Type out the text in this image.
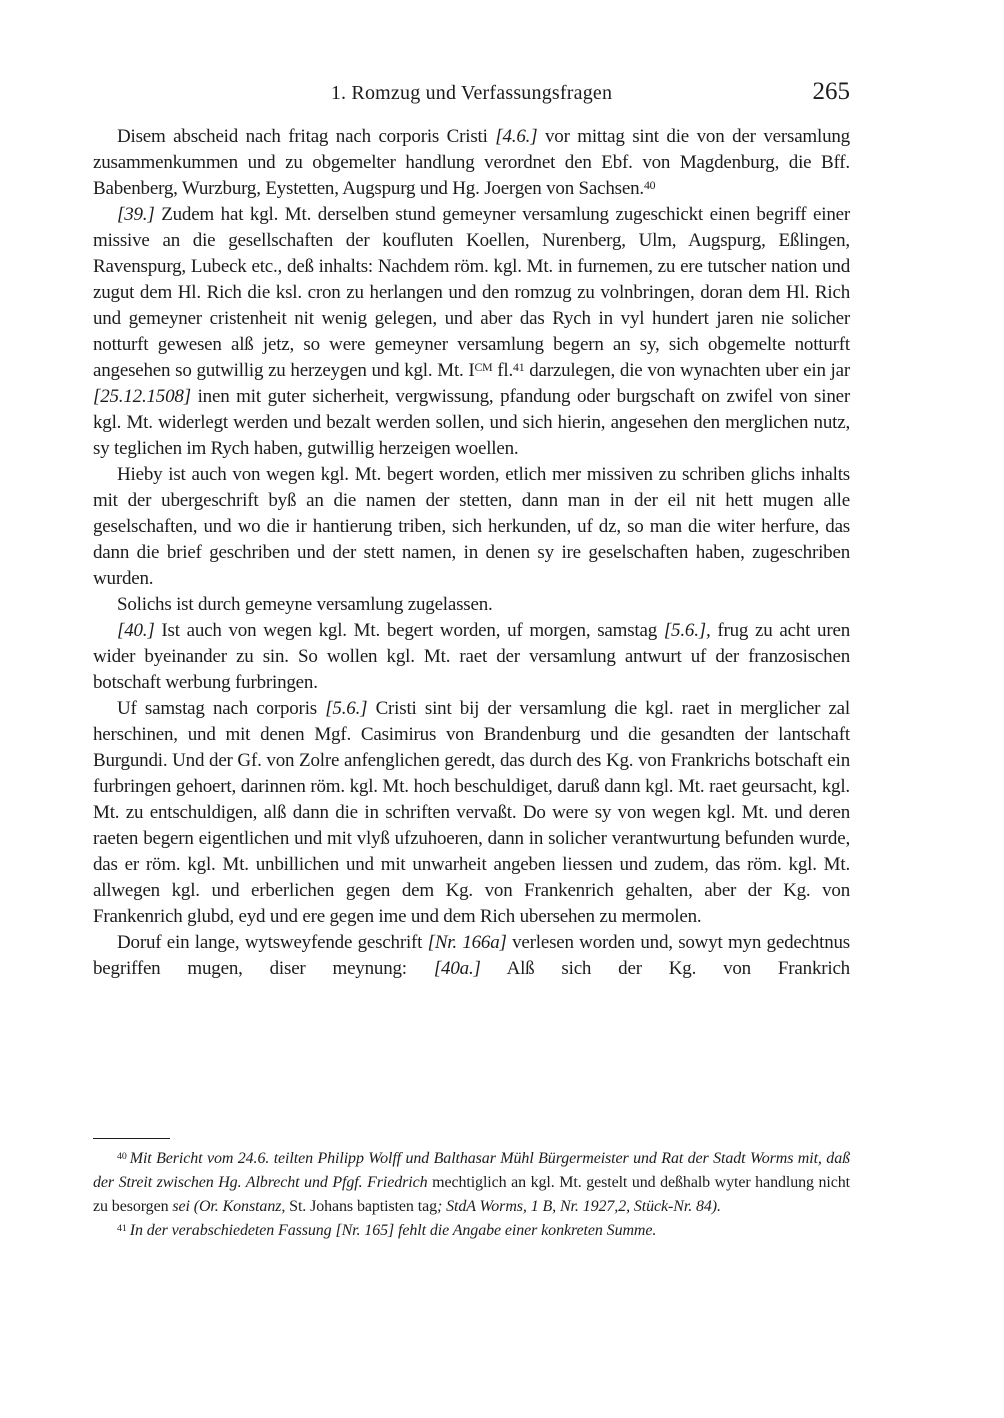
1. Romzug und Verfassungsfragen	265

Disem abscheid nach fritag nach corporis Cristi [4.6.] vor mittag sint die von der versamlung zusammenkummen und zu obgemelter handlung verordnet den Ebf. von Magdenburg, die Bff. Babenberg, Wurzburg, Eystetten, Augspurg und Hg. Joergen von Sachsen.$^{40}$

[39.] Zudem hat kgl. Mt. derselben stund gemeyner versamlung zugeschickt einen begriff einer missive an die gesellschaften der koufluten Koellen, Nurenberg, Ulm, Augspurg, Eßlingen, Ravenspurg, Lubeck etc., deß inhalts: Nachdem röm. kgl. Mt. in furnemen, zu ere tutscher nation und zugut dem Hl. Rich die ksl. cron zu herlangen und den romzug zu volnbringen, doran dem Hl. Rich und gemeyner cristenheit nit wenig gelegen, und aber das Rych in vyl hundert jaren nie solicher notturft gewesen alß jetz, so were gemeyner versamlung begern an sy, sich obgemelte notturft angesehen so gutwillig zu herzeygen und kgl. Mt. $I^{CM}$ fl.$^{41}$ darzulegen, die von wynachten uber ein jar [25.12.1508] inen mit guter sicherheit, vergwissung, pfandung oder burgschaft on zwifel von siner kgl. Mt. widerlegt werden und bezalt werden sollen, und sich hierin, angesehen den merglichen nutz, sy teglichen im Rych haben, gutwillig herzeigen woellen.

Hieby ist auch von wegen kgl. Mt. begert worden, etlich mer missiven zu schriben glichs inhalts mit der ubergeschrift byß an die namen der stetten, dann man in der eil nit hett mugen alle geselschaften, und wo die ir hantierung triben, sich herkunden, uf dz, so man die witer herfure, das dann die brief geschriben und der stett namen, in denen sy ire geselschaften haben, zugeschriben wurden.

Solichs ist durch gemeyne versamlung zugelassen.

[40.] Ist auch von wegen kgl. Mt. begert worden, uf morgen, samstag [5.6.], frug zu acht uren wider byeinander zu sin. So wollen kgl. Mt. raet der versamlung antwurt uf der franzosischen botschaft werbung furbringen.

Uf samstag nach corporis [5.6.] Cristi sint bij der versamlung die kgl. raet in merglicher zal herschinen, und mit denen Mgf. Casimirus von Brandenburg und die gesandten der lantschaft Burgundi. Und der Gf. von Zolre anfenglichen geredt, das durch des Kg. von Frankrichs botschaft ein furbringen gehoert, darinnen röm. kgl. Mt. hoch beschuldiget, daruß dann kgl. Mt. raet geursacht, kgl. Mt. zu entschuldigen, alß dann die in schriften vervaßt. Do were sy von wegen kgl. Mt. und deren raeten begern eigentlichen und mit vlyß ufzuhoeren, dann in solicher verantwurtung befunden wurde, das er röm. kgl. Mt. unbillichen und mit unwarheit angeben liessen und zudem, das röm. kgl. Mt. allwegen kgl. und erberlichen gegen dem Kg. von Frankenrich gehalten, aber der Kg. von Frankenrich glubd, eyd und ere gegen ime und dem Rich ubersehen zu mermolen.

Doruf ein lange, wytsweyfende geschrift [Nr. 166a] verlesen worden und, sowyt myn gedechtnus begriffen mugen, diser meynung: [40a.] Alß sich der Kg. von Frankrich

$^{40}$ Mit Bericht vom 24.6. teilten Philipp Wolff und Balthasar Mühl Bürgermeister und Rat der Stadt Worms mit, daß der Streit zwischen Hg. Albrecht und Pfgf. Friedrich mechtiglich an kgl. Mt. gestelt und deßhalb wyter handlung nicht zu besorgen sei (Or. Konstanz, St. Johans baptisten tag; StdA Worms, 1 B, Nr. 1927,2, Stück-Nr. 84).

$^{41}$ In der verabschiedeten Fassung [Nr. 165] fehlt die Angabe einer konkreten Summe.
